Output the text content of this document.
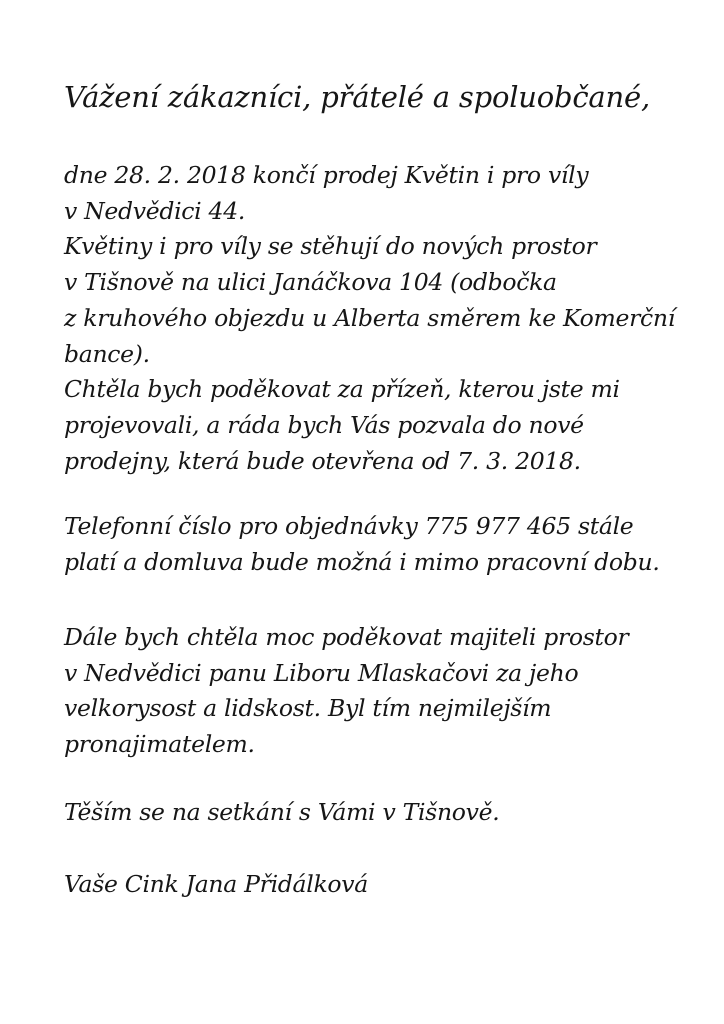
Vážení zákazníci, přátelé a spoluobčané,
dne 28. 2. 2018 končí prodej Květin i pro víly
v Nedvědici 44.
Květiny i pro víly se stěhují do nových prostor
v Tišnově na ulici Janáčkova 104 (odbočka
z kruhového objezdu u Alberta směrem ke Komerční
bance).
Chtěla bych poděkovat za přízeň, kterou jste mi
projevovali, a ráda bych Vás pozvala do nové
prodejny, která bude otevřena od 7. 3. 2018.
Telefonní číslo pro objednávky 775 977 465 stále
platí a domluva bude možná i mimo pracovní dobu.
Dále bych chtěla moc poděkovat majiteli prostor
v Nedvědici panu Liboru Mlaskačovi za jeho
velkorysost a lidskost. Byl tím nejmilejším
pronajimatelem.
Těším se na setkání s Vámi v Tišnově.
Vaše Cink Jana Přidálková
